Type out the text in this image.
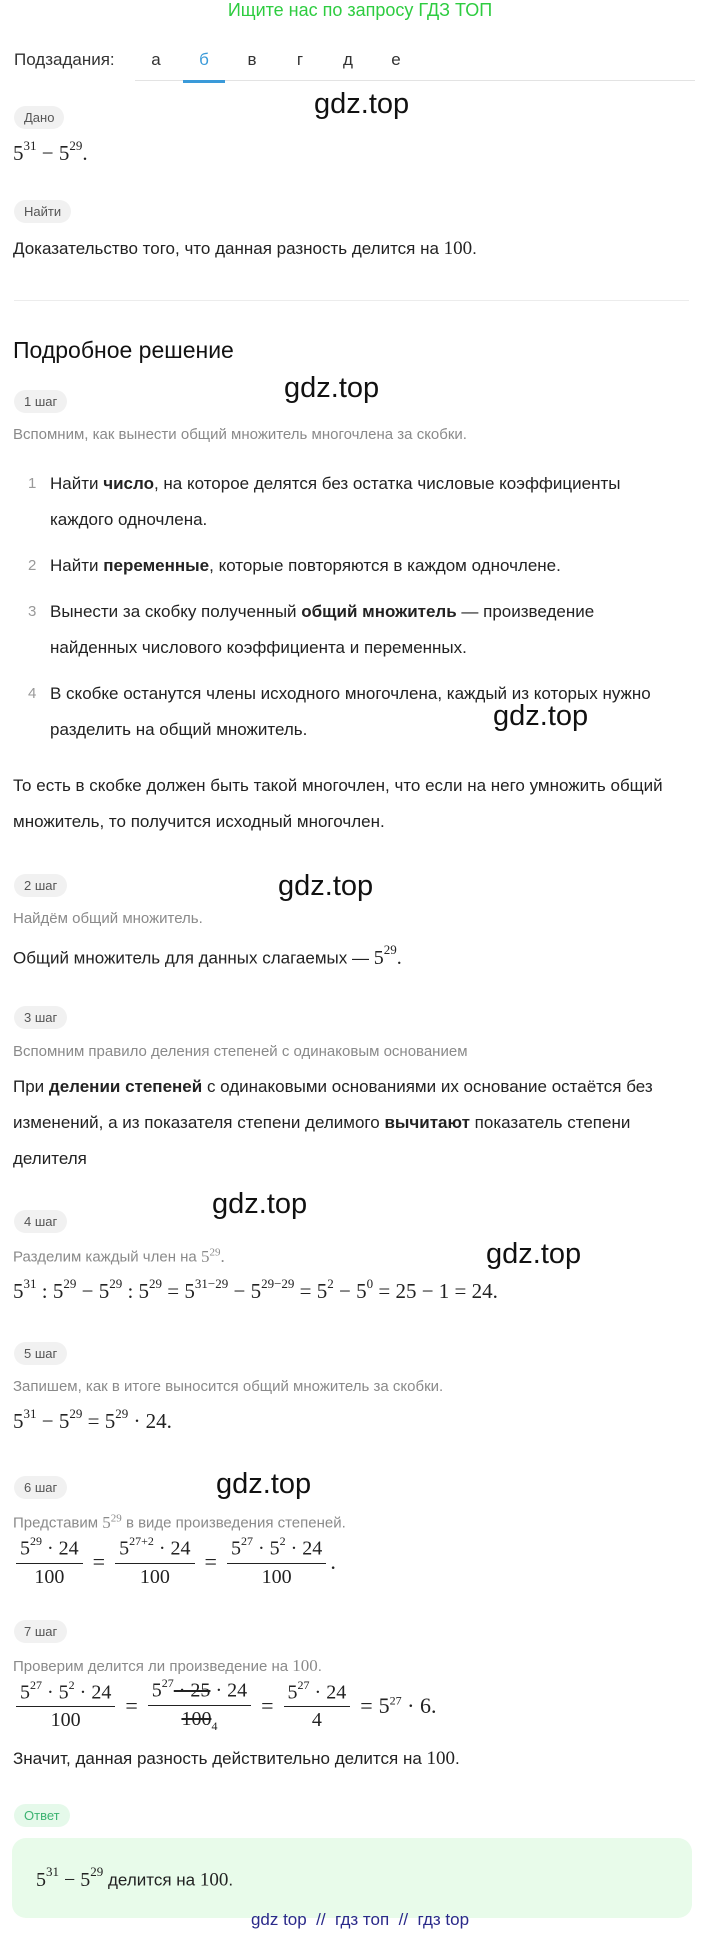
Ищите нас по запросу ГДЗ ТОП
Подзадания:	а	б	в	г	д	е
gdz.top
gdz.top
gdz.top
gdz.top
gdz.top
gdz.top
gdz.top
Дано
$5^{31} - 5^{29}$.
Найти
Доказательство того, что данная разность делится на 100.
Подробное решение
1 шаг
Вспомним, как вынести общий множитель многочлена за скобки.
1 Найти число, на которое делятся без остатка числовые коэффициенты каждого одночлена.
2 Найти переменные, которые повторяются в каждом одночлене.
3 Вынести за скобку полученный общий множитель — произведение найденных числового коэффициента и переменных.
4 В скобке останутся члены исходного многочлена, каждый из которых нужно разделить на общий множитель.
То есть в скобке должен быть такой многочлен, что если на него умножить общий множитель, то получится исходный многочлен.
2 шаг
Найдём общий множитель.
Общий множитель для данных слагаемых — $5^{29}$.
3 шаг
Вспомним правило деления степеней с одинаковым основанием
При делении степеней с одинаковыми основаниями их основание остаётся без изменений, а из показателя степени делимого вычитают показатель степени делителя
4 шаг
Разделим каждый член на $5^{29}$.
$5^{31}$ : $5^{29} - 5^{29}$ : $5^{29} = 5^{31-29} - 5^{29-29} = 5^2 - 5^0 = 25 - 1 = 24$.
5 шаг
Запишем, как в итоге выносится общий множитель за скобки.
$5^{31} - 5^{29} = 5^{29} \cdot 24$.
6 шаг
Представим $5^{29}$ в виде произведения степеней.
$\frac{5^{29} \cdot 24}{100} = \frac{5^{27+2} \cdot 24}{100} = \frac{5^{27} \cdot 5^2 \cdot 24}{100}$ .
7 шаг
Проверим делится ли произведение на 100.
$\frac{5^{27} \cdot 5^2 \cdot 24}{100} = \frac{5^{27} \cdot 25 \cdot 24}{100_4} = \frac{5^{27} \cdot 24}{4} = 5^{27} \cdot 6$.
Значит, данная разность действительно делится на 100.
Ответ
$5^{31} - 5^{29}$ делится на 100.
gdz top  //  гдз топ  //  гдз top
